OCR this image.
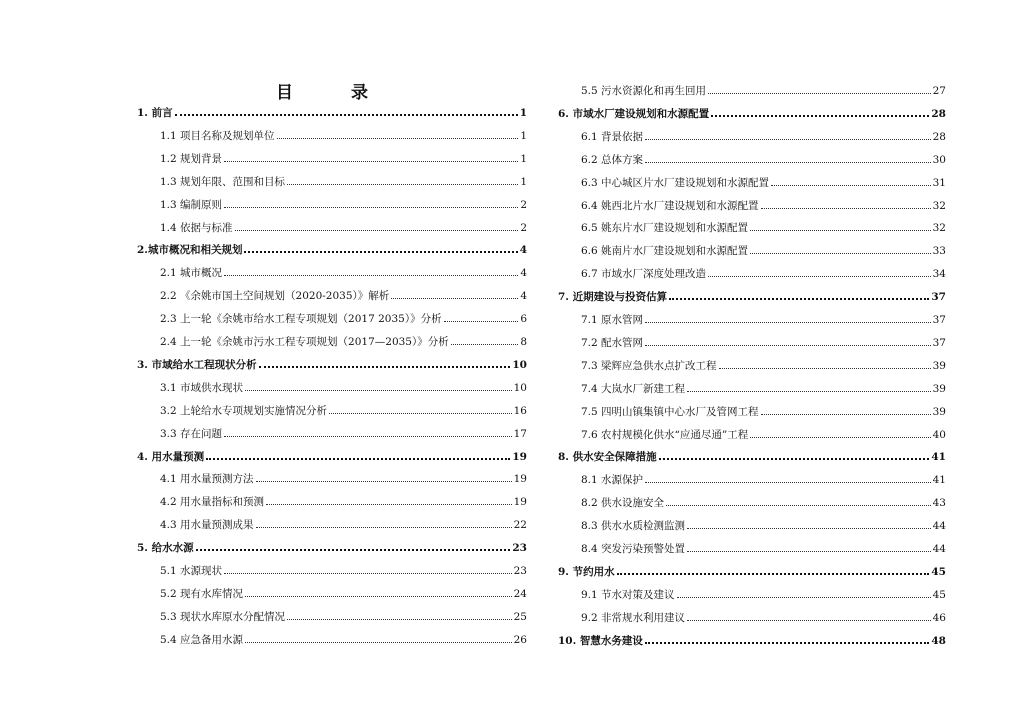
目 录
1. 前言	1
1.1 项目名称及规划单位	1
1.2 规划背景	1
1.3 规划年限、范围和目标	1
1.3 编制原则	2
1.4 依据与标准	2
2.城市概况和相关规划	4
2.1 城市概况	4
2.2 《余姚市国土空间规划（2020-2035）》解析	4
2.3 上一轮《余姚市给水工程专项规划（2017 2035）》分析	6
2.4 上一轮《余姚市污水工程专项规划（2017—2035）》分析	8
3. 市域给水工程现状分析	10
3.1 市域供水现状	10
3.2 上轮给水专项规划实施情况分析	16
3.3 存在问题	17
4. 用水量预测	19
4.1 用水量预测方法	19
4.2 用水量指标和预测	19
4.3 用水量预测成果	22
5. 给水水源	23
5.1 水源现状	23
5.2 现有水库情况	24
5.3 现状水库原水分配情况	25
5.4 应急备用水源	26
5.5 污水资源化和再生回用	27
6. 市域水厂建设规划和水源配置	28
6.1 背景依据	28
6.2 总体方案	30
6.3 中心城区片水厂建设规划和水源配置	31
6.4 姚西北片水厂建设规划和水源配置	32
6.5 姚东片水厂建设规划和水源配置	32
6.6 姚南片水厂建设规划和水源配置	33
6.7 市域水厂深度处理改造	34
7. 近期建设与投资估算	37
7.1 原水管网	37
7.2 配水管网	37
7.3 梁辉应急供水点扩改工程	39
7.4 大岚水厂新建工程	39
7.5 四明山镇集镇中心水厂及管网工程	39
7.6 农村规模化供水“应通尽通”工程	40
8. 供水安全保障措施	41
8.1 水源保护	41
8.2 供水设施安全	43
8.3 供水水质检测监测	44
8.4 突发污染预警处置	44
9. 节约用水	45
9.1 节水对策及建议	45
9.2 非常规水利用建议	46
10. 智慧水务建设	48
